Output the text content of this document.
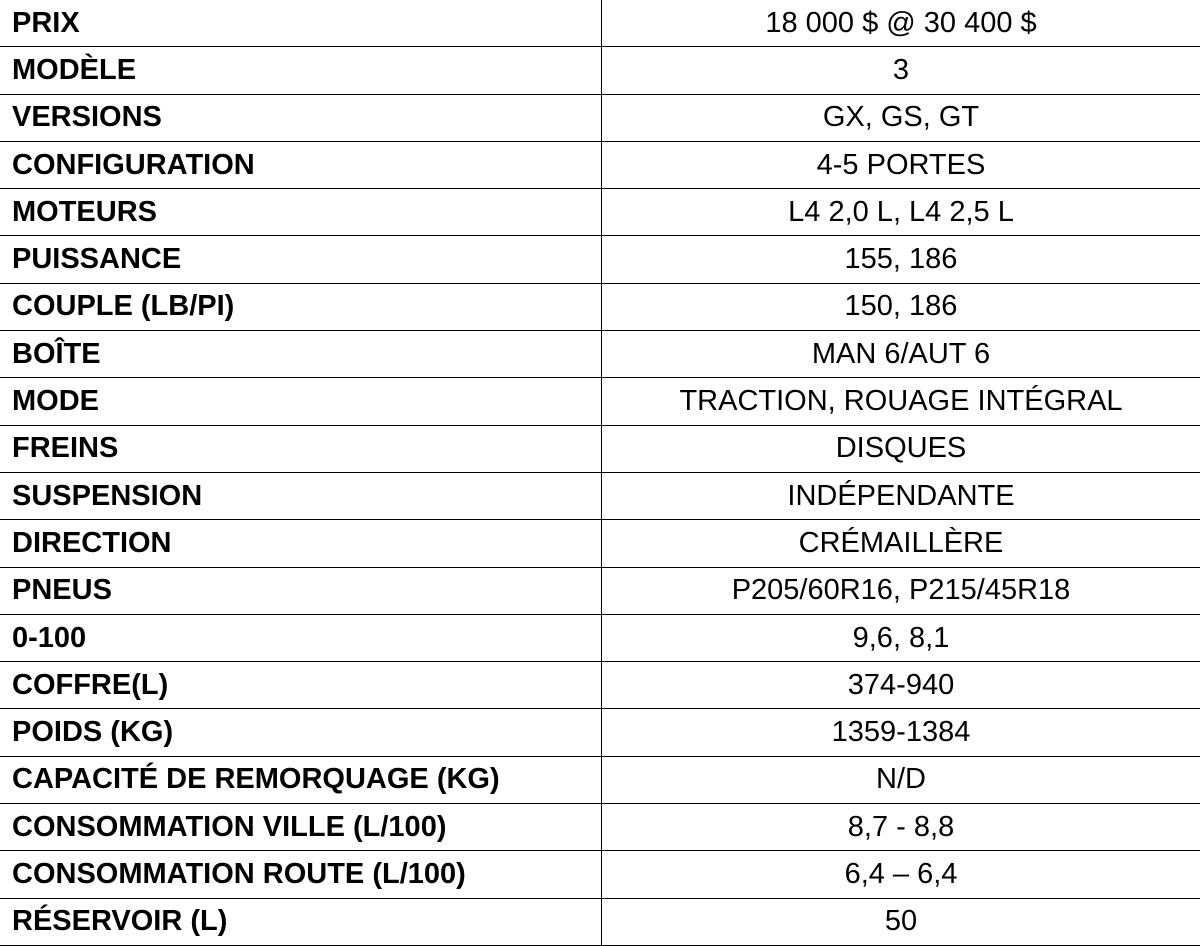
PRIX	18 000 $ @ 30 400 $
MODÈLE	3
VERSIONS	GX, GS, GT
CONFIGURATION	4-5 PORTES
MOTEURS	L4 2,0 L, L4 2,5 L
PUISSANCE	155, 186
COUPLE (LB/PI)	150, 186
BOÎTE	MAN 6/AUT 6
MODE	TRACTION, ROUAGE INTÉGRAL
FREINS	DISQUES
SUSPENSION	INDÉPENDANTE
DIRECTION	CRÉMAILLÈRE
PNEUS	P205/60R16, P215/45R18
0-100	9,6, 8,1
COFFRE(L)	374-940
POIDS (KG)	1359-1384
CAPACITÉ DE REMORQUAGE (KG)	N/D
CONSOMMATION VILLE (L/100)	8,7 - 8,8
CONSOMMATION ROUTE (L/100)	6,4 – 6,4
RÉSERVOIR (L)	50
